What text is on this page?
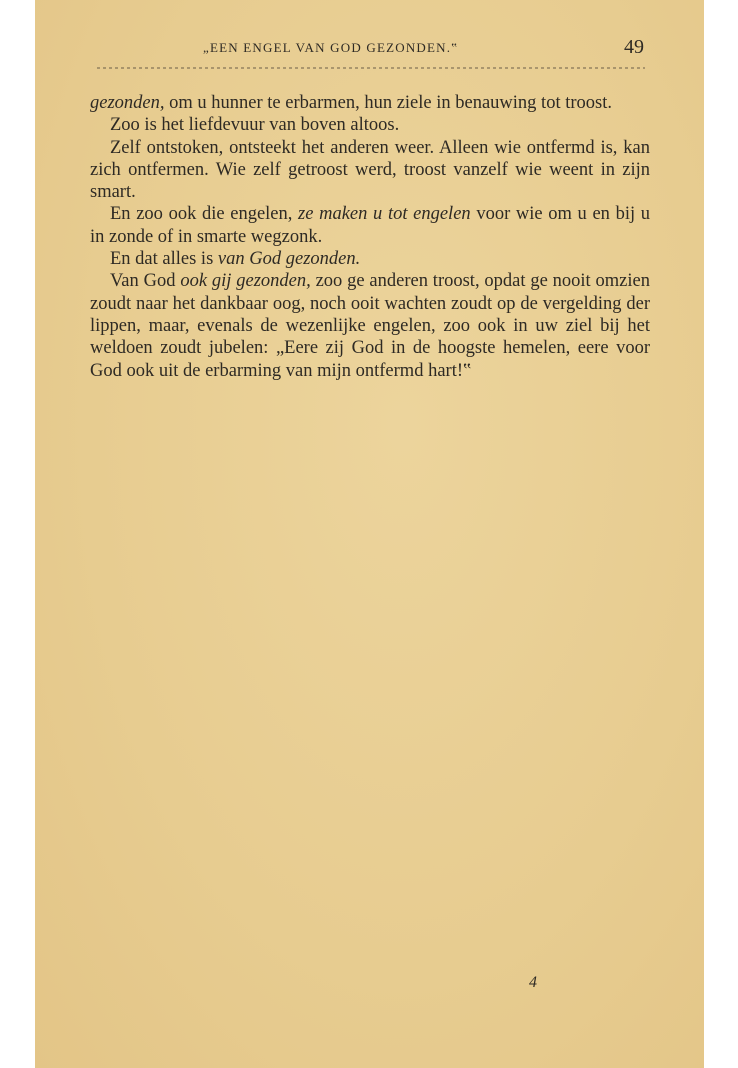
„EEN ENGEL VAN GOD GEZONDEN.‟	49

gezonden, om u hunner te erbarmen, hun ziele in benauwing tot troost.

Zoo is het liefdevuur van boven altoos.

Zelf ontstoken, ontsteekt het anderen weer. Alleen wie ontfermd is, kan zich ontfermen. Wie zelf getroost werd, troost vanzelf wie weent in zijn smart.

En zoo ook die engelen, ze maken u tot engelen voor wie om u en bij u in zonde of in smarte wegzonk.

En dat alles is van God gezonden.

Van God ook gij gezonden, zoo ge anderen troost, opdat ge nooit omzien zoudt naar het dankbaar oog, noch ooit wachten zoudt op de vergelding der lippen, maar, evenals de wezenlijke engelen, zoo ook in uw ziel bij het weldoen zoudt jubelen: „Eere zij God in de hoogste hemelen, eere voor God ook uit de erbarming van mijn ontfermd hart!‟

4
